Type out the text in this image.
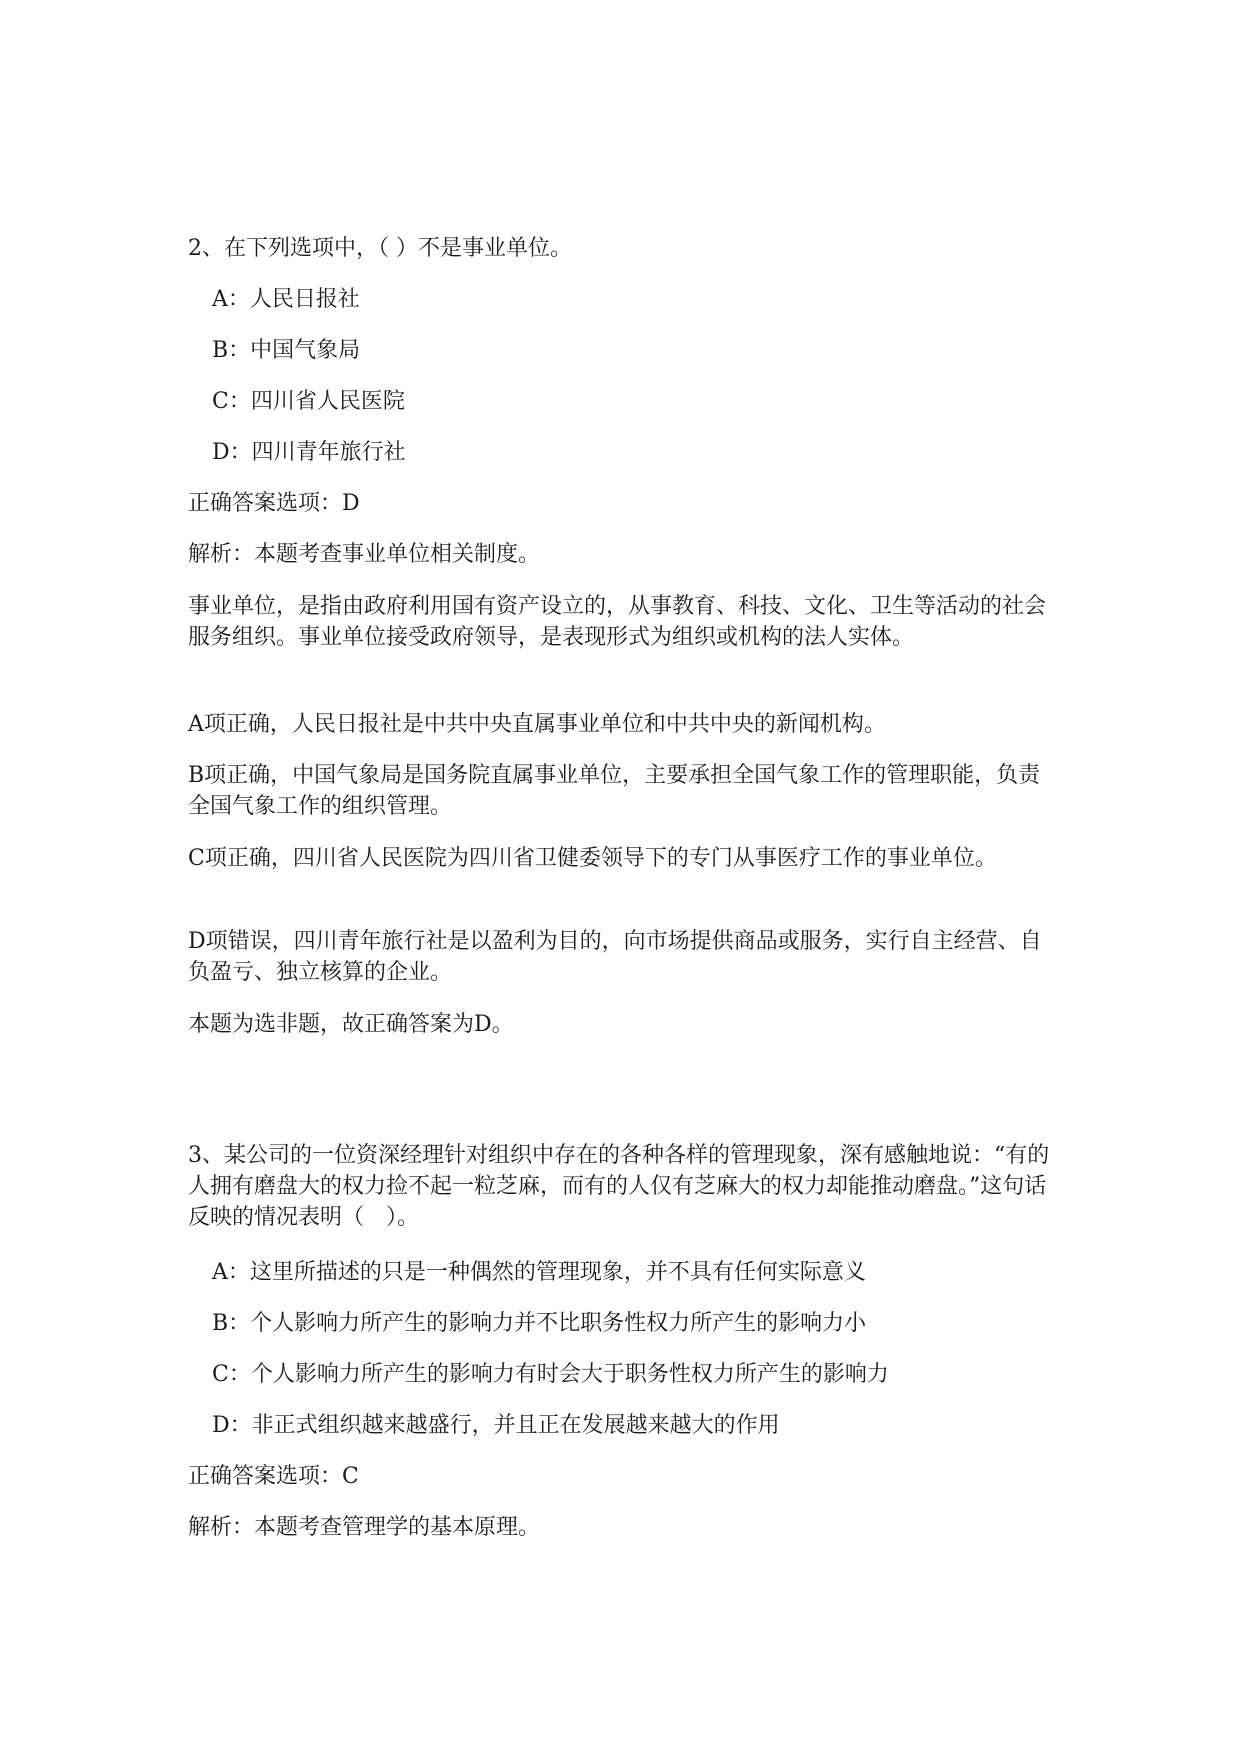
2、在下列选项中，（ ）不是事业单位。
A：人民日报社
B：中国气象局
C：四川省人民医院
D：四川青年旅行社
正确答案选项：D
解析：本题考查事业单位相关制度。
事业单位，是指由政府利用国有资产设立的，从事教育、科技、文化、卫生等活动的社会服务组织。事业单位接受政府领导，是表现形式为组织或机构的法人实体。
A项正确，人民日报社是中共中央直属事业单位和中共中央的新闻机构。
B项正确，中国气象局是国务院直属事业单位，主要承担全国气象工作的管理职能，负责全国气象工作的组织管理。
C项正确，四川省人民医院为四川省卫健委领导下的专门从事医疗工作的事业单位。
D项错误，四川青年旅行社是以盈利为目的，向市场提供商品或服务，实行自主经营、自负盈亏、独立核算的企业。
本题为选非题，故正确答案为D。
3、某公司的一位资深经理针对组织中存在的各种各样的管理现象，深有感触地说：“有的人拥有磨盘大的权力捡不起一粒芝麻，而有的人仅有芝麻大的权力却能推动磨盘。”这句话反映的情况表明（　）。
A：这里所描述的只是一种偶然的管理现象，并不具有任何实际意义
B：个人影响力所产生的影响力并不比职务性权力所产生的影响力小
C：个人影响力所产生的影响力有时会大于职务性权力所产生的影响力
D：非正式组织越来越盛行，并且正在发展越来越大的作用
正确答案选项：C
解析：本题考查管理学的基本原理。
